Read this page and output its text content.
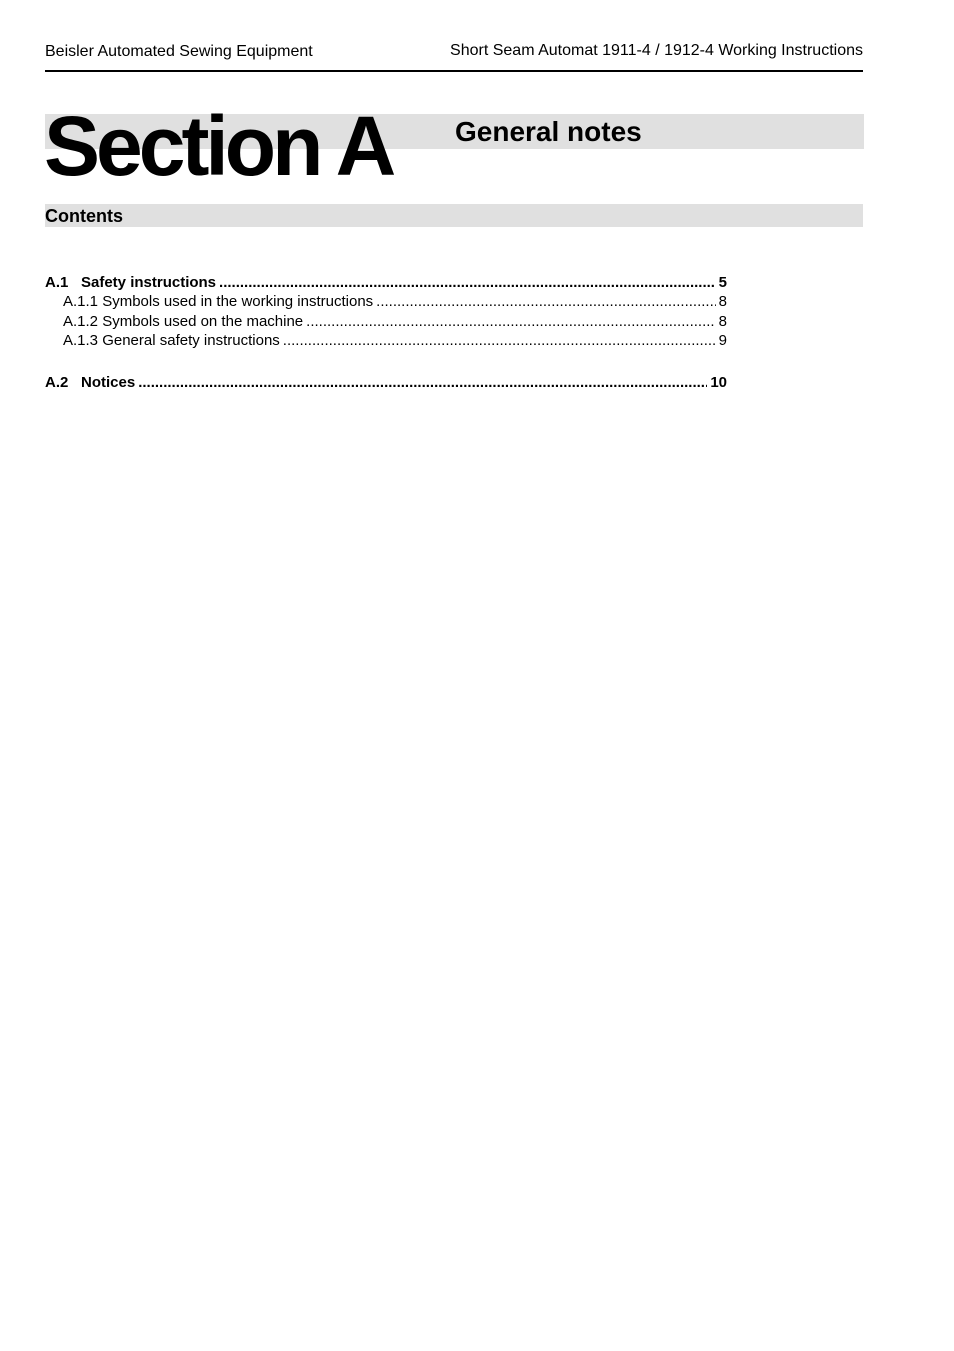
Beisler Automated Sewing Equipment	Short Seam Automat 1911-4 / 1912-4 Working Instructions
Section A General notes
Contents
A.1 Safety instructions .....	5
A.1.1 Symbols used in the working instructions .....	8
A.1.2 Symbols used on the machine .....	8
A.1.3 General safety instructions .....	9
A.2 Notices .....	10
